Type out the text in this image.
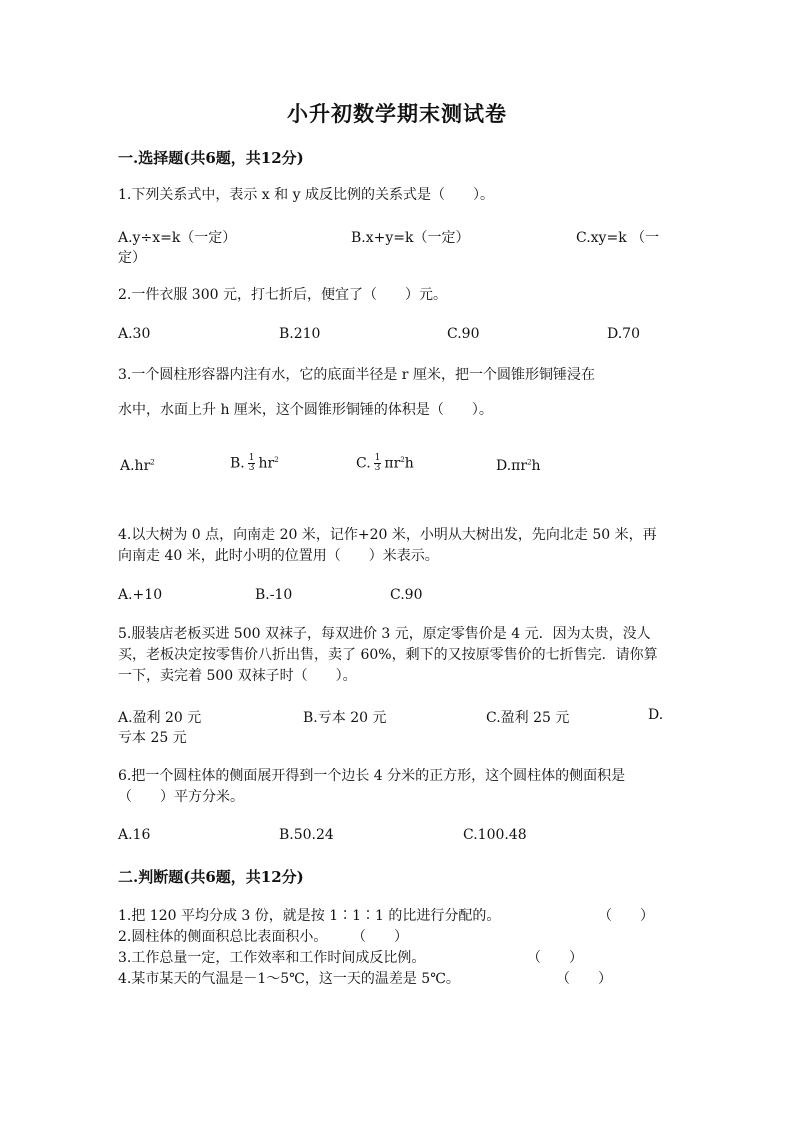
小升初数学期末测试卷
一.选择题(共6题，共12分)
1.下列关系式中，表示 x 和 y 成反比例的关系式是（　　）。
A.y÷x=k（一定）	B.x+y=k（一定）	C.xy=k （一
定）
2.一件衣服 300 元，打七折后，便宜了（　　）元。
A.30	B.210	C.90	D.70
3.一个圆柱形容器内注有水，它的底面半径是 r 厘米，把一个圆锥形铜锤浸在
水中，水面上升 h 厘米，这个圆锥形铜锤的体积是（　　）。
$A.hr^2$	B. $\frac{1}{3} hr^2$	C. $\frac{1}{3} \pi r^2h$	$D.\pi r^2h$
4.以大树为 0 点，向南走 20 米，记作+20 米，小明从大树出发，先向北走 50 米，再向南走 40 米，此时小明的位置用（　　）米表示。
A.+10	B.-10	C.90
5.服装店老板买进 500 双袜子，每双进价 3 元，原定零售价是 4 元．因为太贵，没人买，老板决定按零售价八折出售，卖了 60%，剩下的又按原零售价的七折售完．请你算一下，卖完着 500 双袜子时（　　）。
A.盈利 20 元	B.亏本 20 元	C.盈利 25 元	D.
亏本 25 元
6.把一个圆柱体的侧面展开得到一个边长 4 分米的正方形，这个圆柱体的侧面积是（　　）平方分米。
A.16	B.50.24	C.100.48
二.判断题(共6题，共12分)
1.把 120 平均分成 3 份，就是按 1∶1∶1 的比进行分配的。	（　　）
2.圆柱体的侧面积总比表面积小。 （　　）
3.工作总量一定，工作效率和工作时间成反比例。	（　　）
4.某市某天的气温是－1～5℃，这一天的温差是 5℃。	（　　）
